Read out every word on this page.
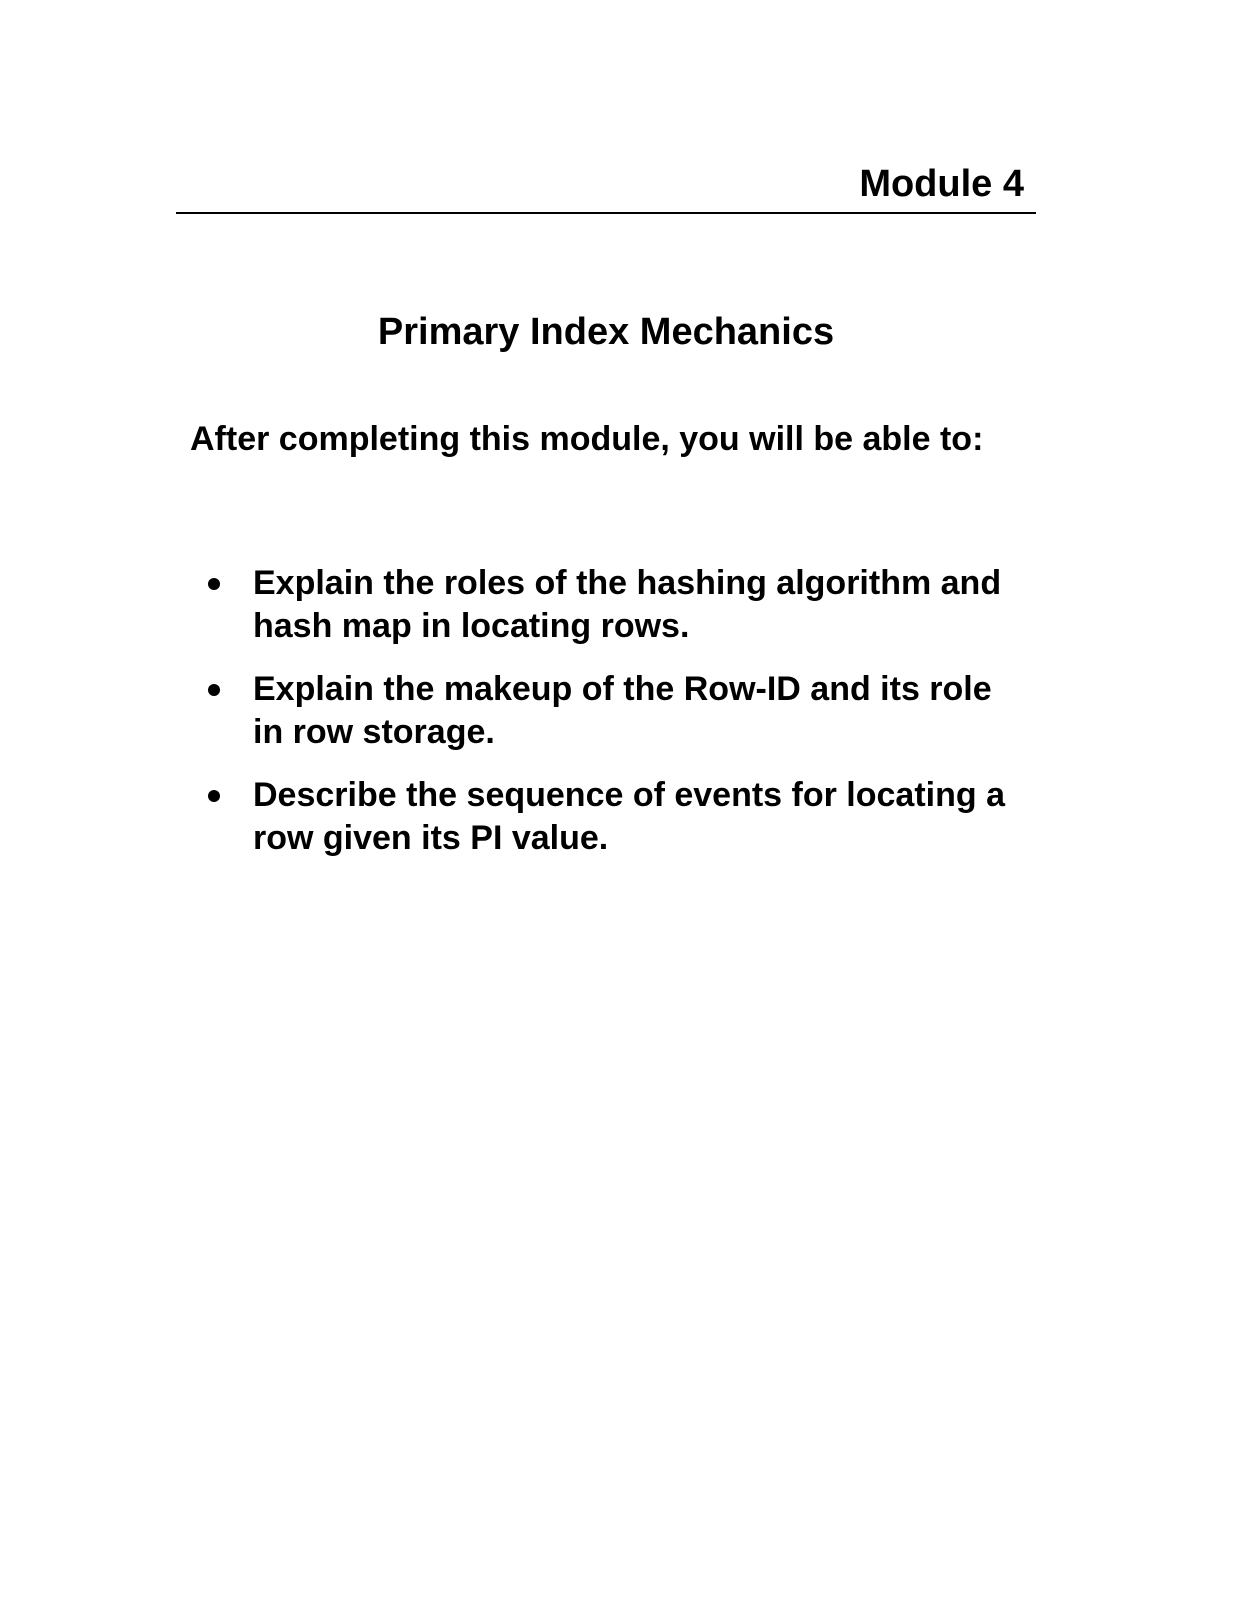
Module 4
Primary Index Mechanics
After completing this module, you will be able to:
Explain the roles of the hashing algorithm and hash map in locating rows.
Explain the makeup of the Row-ID and its role in row storage.
Describe the sequence of events for locating a row given its PI value.
